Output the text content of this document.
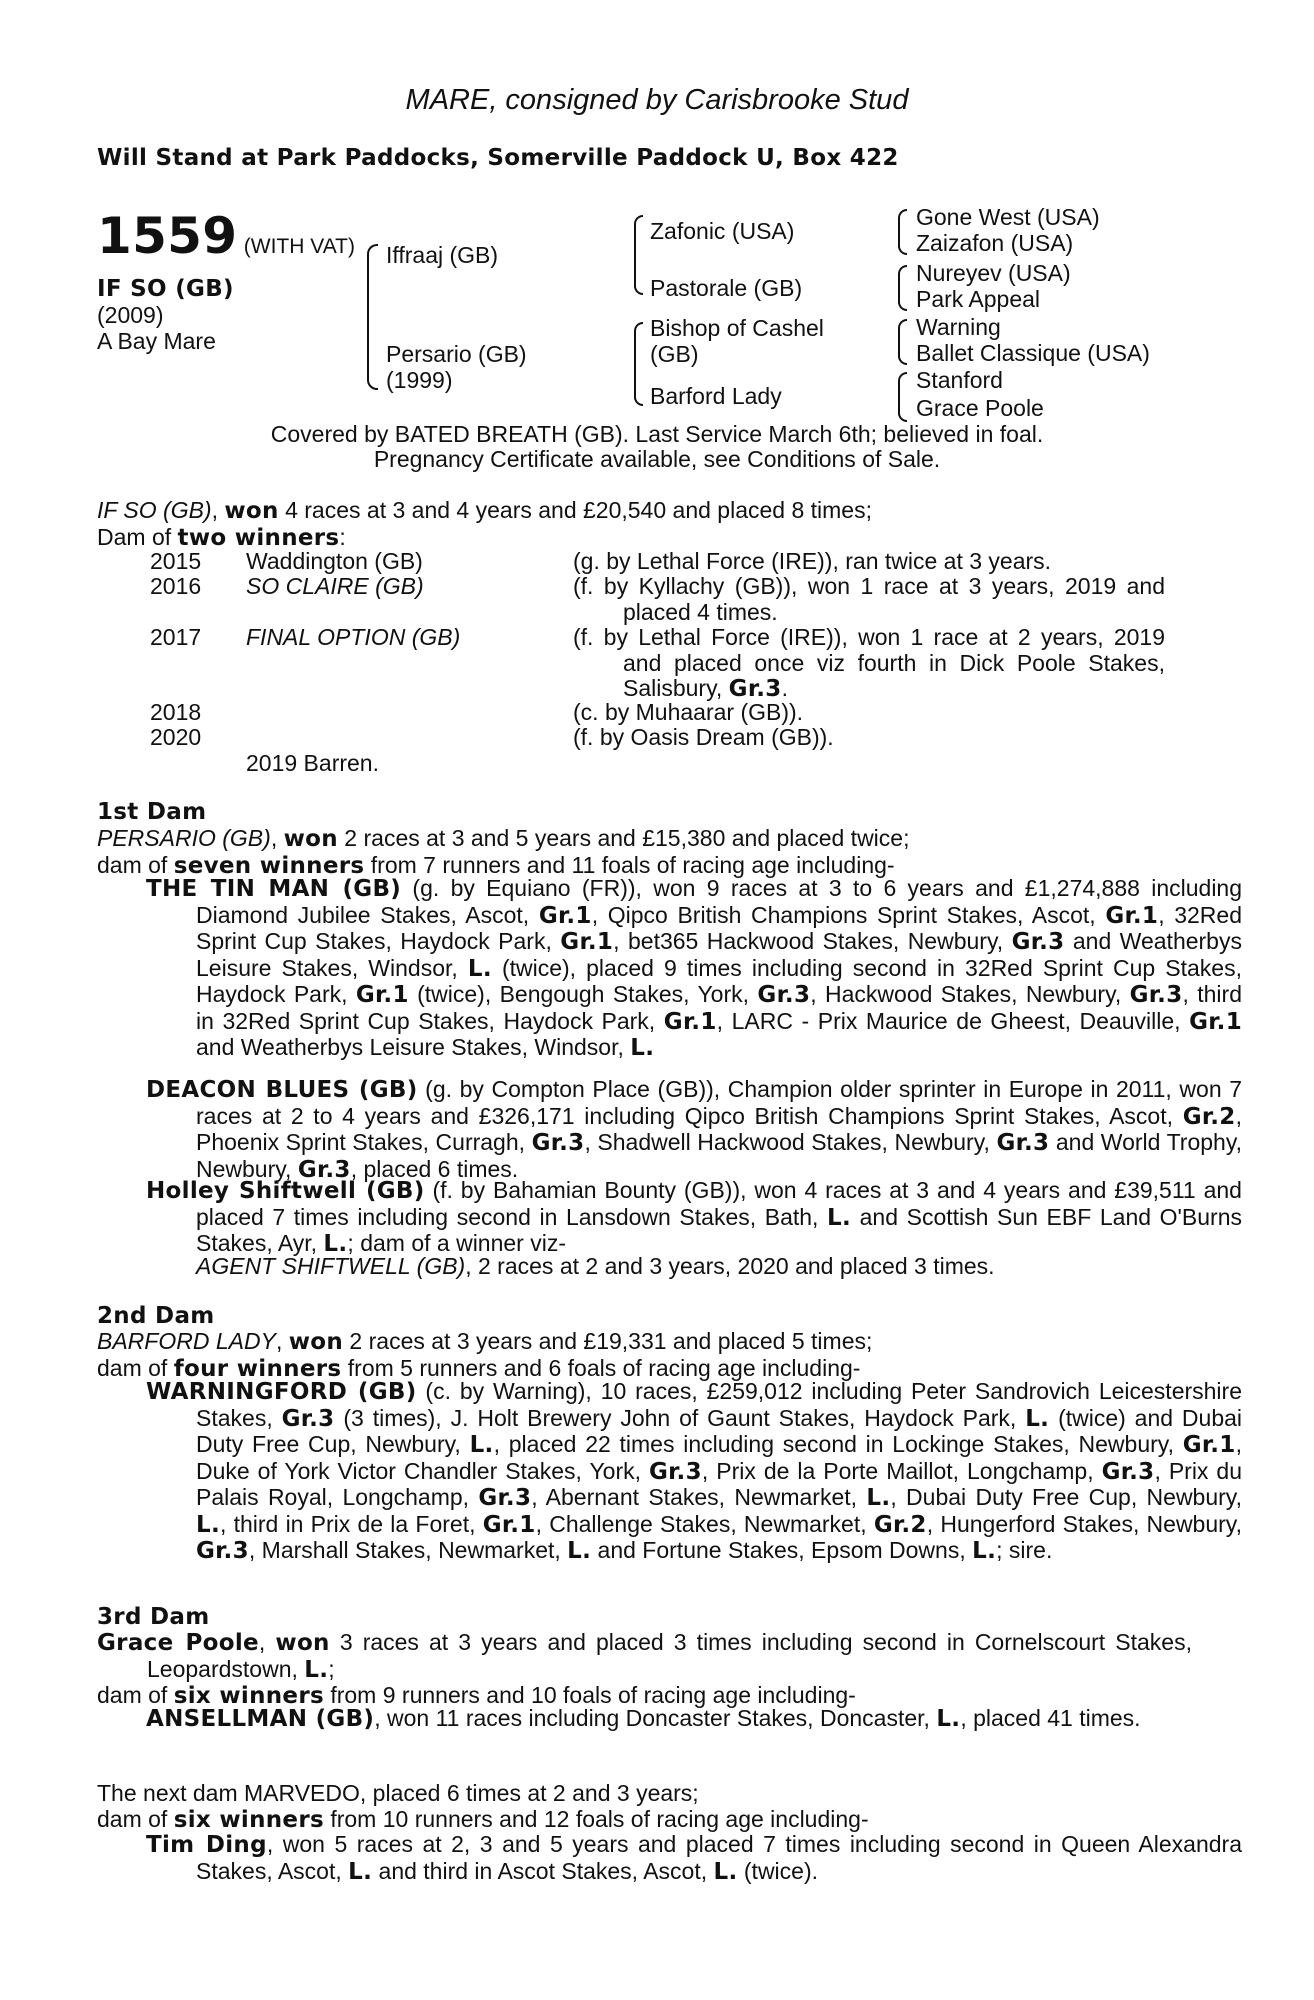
MARE, consigned by Carisbrooke Stud
Will Stand at Park Paddocks, Somerville Paddock U, Box 422
1559 (WITH VAT)
IF SO (GB)
(2009)
A Bay Mare
Iffraaj (GB)
Persario (GB)
(1999)
Zafonic (USA)
Pastorale (GB)
Bishop of Cashel
(GB)
Barford Lady
Gone West (USA)
Zaizafon (USA)
Nureyev (USA)
Park Appeal
Warning
Ballet Classique (USA)
Stanford
Grace Poole
Covered by BATED BREATH (GB). Last Service March 6th; believed in foal.
Pregnancy Certificate available, see Conditions of Sale.
IF SO (GB), won 4 races at 3 and 4 years and £20,540 and placed 8 times;
Dam of two winners:
2015 Waddington (GB)	(g. by Lethal Force (IRE)), ran twice at 3 years.
2016 SO CLAIRE (GB)	(f. by Kyllachy (GB)), won 1 race at 3 years, 2019 and placed 4 times.
2017 FINAL OPTION (GB)	(f. by Lethal Force (IRE)), won 1 race at 2 years, 2019 and placed once viz fourth in Dick Poole Stakes, Salisbury, Gr.3.
2018	(c. by Muhaarar (GB)).
2020	(f. by Oasis Dream (GB)).
2019 Barren.
1st Dam
PERSARIO (GB), won 2 races at 3 and 5 years and £15,380 and placed twice;
dam of seven winners from 7 runners and 11 foals of racing age including-
THE TIN MAN (GB) (g. by Equiano (FR)), won 9 races at 3 to 6 years and £1,274,888 including Diamond Jubilee Stakes, Ascot, Gr.1, Qipco British Champions Sprint Stakes, Ascot, Gr.1, 32Red Sprint Cup Stakes, Haydock Park, Gr.1, bet365 Hackwood Stakes, Newbury, Gr.3 and Weatherbys Leisure Stakes, Windsor, L. (twice), placed 9 times including second in 32Red Sprint Cup Stakes, Haydock Park, Gr.1 (twice), Bengough Stakes, York, Gr.3, Hackwood Stakes, Newbury, Gr.3, third in 32Red Sprint Cup Stakes, Haydock Park, Gr.1, LARC - Prix Maurice de Gheest, Deauville, Gr.1 and Weatherbys Leisure Stakes, Windsor, L.
DEACON BLUES (GB) (g. by Compton Place (GB)), Champion older sprinter in Europe in 2011, won 7 races at 2 to 4 years and £326,171 including Qipco British Champions Sprint Stakes, Ascot, Gr.2, Phoenix Sprint Stakes, Curragh, Gr.3, Shadwell Hackwood Stakes, Newbury, Gr.3 and World Trophy, Newbury, Gr.3, placed 6 times.
Holley Shiftwell (GB) (f. by Bahamian Bounty (GB)), won 4 races at 3 and 4 years and £39,511 and placed 7 times including second in Lansdown Stakes, Bath, L. and Scottish Sun EBF Land O'Burns Stakes, Ayr, L.; dam of a winner viz-
AGENT SHIFTWELL (GB), 2 races at 2 and 3 years, 2020 and placed 3 times.
2nd Dam
BARFORD LADY, won 2 races at 3 years and £19,331 and placed 5 times;
dam of four winners from 5 runners and 6 foals of racing age including-
WARNINGFORD (GB) (c. by Warning), 10 races, £259,012 including Peter Sandrovich Leicestershire Stakes, Gr.3 (3 times), J. Holt Brewery John of Gaunt Stakes, Haydock Park, L. (twice) and Dubai Duty Free Cup, Newbury, L., placed 22 times including second in Lockinge Stakes, Newbury, Gr.1, Duke of York Victor Chandler Stakes, York, Gr.3, Prix de la Porte Maillot, Longchamp, Gr.3, Prix du Palais Royal, Longchamp, Gr.3, Abernant Stakes, Newmarket, L., Dubai Duty Free Cup, Newbury, L., third in Prix de la Foret, Gr.1, Challenge Stakes, Newmarket, Gr.2, Hungerford Stakes, Newbury, Gr.3, Marshall Stakes, Newmarket, L. and Fortune Stakes, Epsom Downs, L.; sire.
3rd Dam
Grace Poole, won 3 races at 3 years and placed 3 times including second in Cornelscourt Stakes, Leopardstown, L.;
dam of six winners from 9 runners and 10 foals of racing age including-
ANSELLMAN (GB), won 11 races including Doncaster Stakes, Doncaster, L., placed 41 times.
The next dam MARVEDO, placed 6 times at 2 and 3 years;
dam of six winners from 10 runners and 12 foals of racing age including-
Tim Ding, won 5 races at 2, 3 and 5 years and placed 7 times including second in Queen Alexandra Stakes, Ascot, L. and third in Ascot Stakes, Ascot, L. (twice).
